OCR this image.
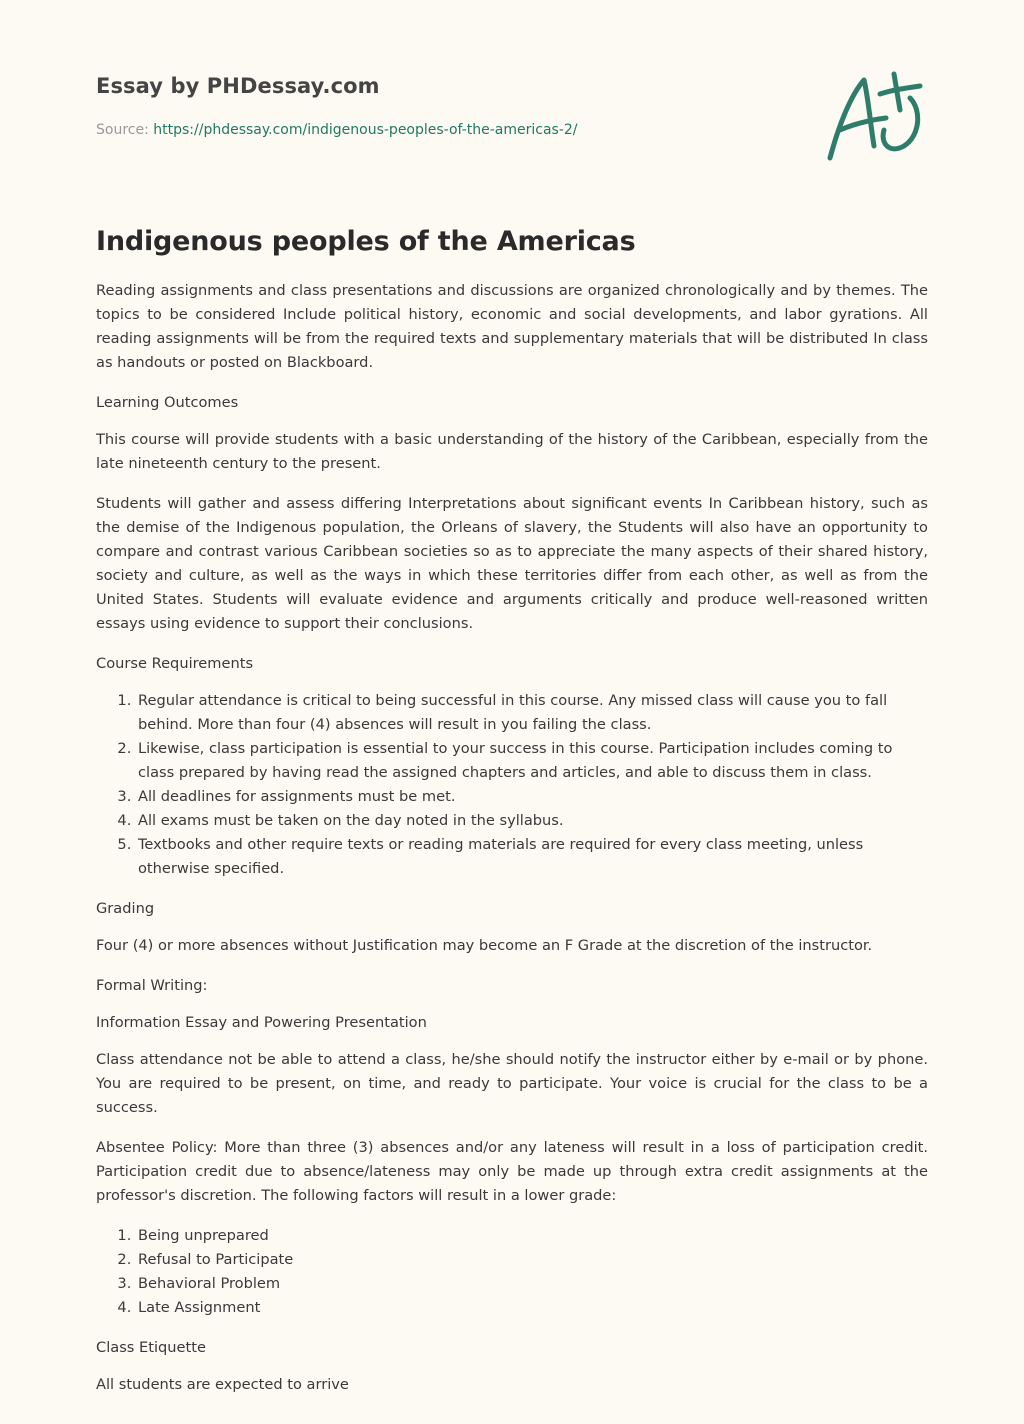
Essay by PHDessay.com
Source: https://phdessay.com/indigenous-peoples-of-the-americas-2/
Indigenous peoples of the Americas

Reading assignments and class presentations and discussions are organized chronologically and by themes. The topics to be considered Include political history, economic and social developments, and labor gyrations. All reading assignments will be from the required texts and supplementary materials that will be distributed In class as handouts or posted on Blackboard.

Learning Outcomes

This course will provide students with a basic understanding of the history of the Caribbean, especially from the late nineteenth century to the present.

Students will gather and assess differing Interpretations about significant events In Caribbean history, such as the demise of the Indigenous population, the Orleans of slavery, the Students will also have an opportunity to compare and contrast various Caribbean societies so as to appreciate the many aspects of their shared history, society and culture, as well as the ways in which these territories differ from each other, as well as from the United States. Students will evaluate evidence and arguments critically and produce well-reasoned written essays using evidence to support their conclusions.

Course Requirements

1. Regular attendance is critical to being successful in this course. Any missed class will cause you to fall behind. More than four (4) absences will result in you failing the class.
2. Likewise, class participation is essential to your success in this course. Participation includes coming to class prepared by having read the assigned chapters and articles, and able to discuss them in class.
3. All deadlines for assignments must be met.
4. All exams must be taken on the day noted in the syllabus.
5. Textbooks and other require texts or reading materials are required for every class meeting, unless otherwise specified.

Grading

Four (4) or more absences without Justification may become an F Grade at the discretion of the instructor.

Formal Writing:

Information Essay and Powering Presentation

Class attendance not be able to attend a class, he/she should notify the instructor either by e-mail or by phone. You are required to be present, on time, and ready to participate. Your voice is crucial for the class to be a success.

Absentee Policy: More than three (3) absences and/or any lateness will result in a loss of participation credit. Participation credit due to absence/lateness may only be made up through extra credit assignments at the professor's discretion. The following factors will result in a lower grade:

1. Being unprepared
2. Refusal to Participate
3. Behavioral Problem
4. Late Assignment

Class Etiquette

All students are expected to arrive
